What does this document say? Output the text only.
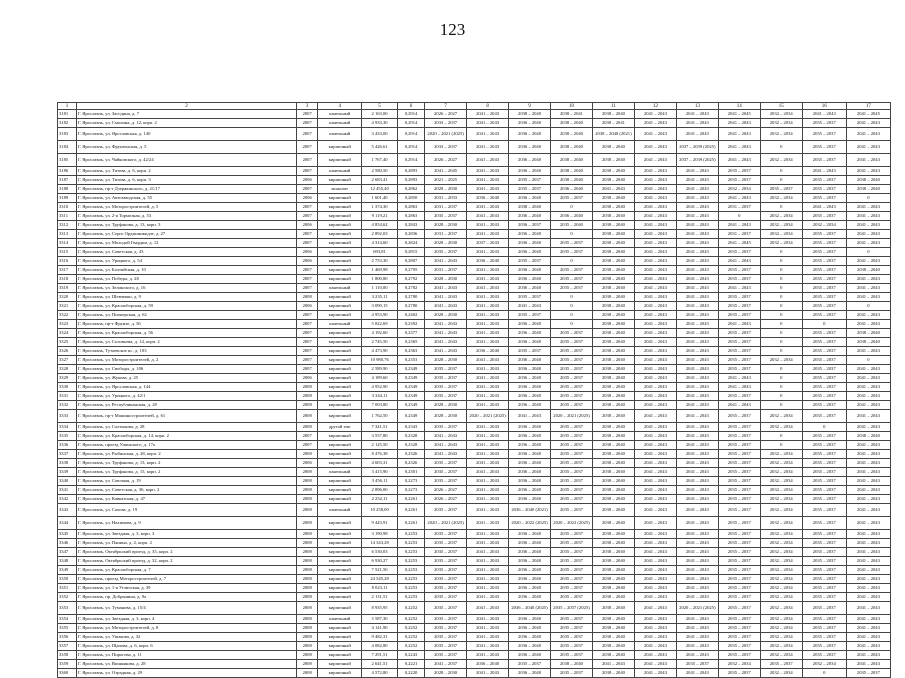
123
1	2	3	4	5	6	7	8	9	10	11	12	13	14	15	16	17
3181	Г. Ярославль, ул. Засодина, д. 7	2007	панельный	2 163,00	0,2914	2026 – 2027	2041 – 2043	2038 – 2040	2038 – 2041	2038 – 2040	2041 – 2043	2041 – 2043	2041 – 2045	2032 – 2034	2041 – 2043	2041 – 2045
3182	Г. Ярославль, ул. Смолина, д. 12, корп. 2	2007	панельный	4 933,30	0,2914	2033 – 2037	2041 – 2043	2036 – 2040	2038 – 2040	2038 – 2041	2041 – 2043	2041 – 2043	2041 – 2043	2032 – 2034	2035 – 2037	2041 – 2043
3183	Г. Ярославль, ул. Ярославская, д. 140	2007	панельный	3 433,00	0,2914	2020 – 2021 (2025)	2041 – 2043	2036 – 2040	2038 – 2040	2038 – 2040 (2021)	2041 – 2043	2041 – 2043	2041 – 2043	2032 – 2034	2035 – 2037	2041 – 2043
3184	Г. Ярославль, ул. Фрунзенская, д. 5	2007	кирпичный	5 426,61	0,2914	2033 – 2037	2041 – 2043	2036 – 2040	2038 – 2040	2038 – 2040	2041 – 2043	2037 – 2039 (2025)	2041 – 2043	0	2035 – 2037	2041 – 2043
3185	Г. Ярославль, ул. Чайковского, д. 42/24	2007	кирпичный	1 767,40	0,2914	2026 – 2027	2041 – 2043	2036 – 2040	2038 – 2040	2038 – 2040	2041 – 2043	2037 – 2039 (2025)	2041 – 2043	2032 – 2034	2035 – 2037	2041 – 2043
3186	Г. Ярославль, ул. Титова, д. 6, корп. 2	2007	панельный	2 580,50	0,2893	2041 – 2045	2041 – 2043	2036 – 2040	2038 – 2040	2038 – 2040	2041 – 2043	2041 – 2043	2035 – 2037	0	2041 – 2043	2041 – 2043
3187	Г. Ярославль, ул. Титова, д. 6, корп. 3	2006	кирпичный	2 683,41	0,2893	2021 – 2025	2041 – 2043	2035 – 2037	2038 – 2040	2038 – 2040	2041 – 2043	2041 – 2043	2035 – 2037	0	2035 – 2037	2038 – 2040
3188	Г. Ярославль, пр-т Дзержинского, д. 21/17	2007	монолит	12 455,40	0,2862	2028 – 2030	2041 – 2043	2035 – 2037	2036 – 2040	2041 – 2043	2041 – 2043	2041 – 2043	2032 – 2034	2035 – 2037	2035 – 2037	2038 – 2040
3189	Г. Ярославль, ул. Автозаводская, д. 55	2006	кирпичный	1 601,40	0,2850	2031 – 2033	2036 – 2040	2036 – 2040	2035 – 2037	2038 – 2040	2041 – 2043	2041 – 2043	2041 – 2043	2032 – 2034	2035 – 2037	0
3310	Г. Ярославль, ул. Моторостроителей, д. 5	2007	кирпичный	1 374,30	0,2863	2031 – 2037	2041 – 2043	2038 – 2040	0	2038 – 2040	2041 – 2043	2041 – 2043	2031 – 2037	0	2041 – 2043	2041 – 2043
3311	Г. Ярославль, ул. 2-я Тормозная, д. 53	2007	кирпичный	9 119,21	0,2863	2035 – 2037	2041 – 2043	2036 – 2040	2036 – 2040	2038 – 2040	2041 – 2043	2041 – 2043	0	2032 – 2034	2035 – 2037	2041 – 2043
3312	Г. Ярославль, ул. Труфанова, д. 13, корп. 3	2006	кирпичный	4 854,62	0,2843	2028 – 2030	2041 – 2043	2036 – 2037	2035 – 2040	2038 – 2040	2041 – 2043	2041 – 2043	2041 – 2043	2032 – 2034	2032 – 2034	2041 – 2043
3313	Г. Ярославль, ул. Серго Орджоникидзе, д. 27	2007	кирпичный	2 892,03	0,2836	2031 – 2037	2041 – 2043	2036 – 2040	0	2038 – 2040	2041 – 2043	2041 – 2043	2031 – 2037	2032 – 2034	2035 – 2037	2041 – 2043
3314	Г. Ярославль, ул. Молодой Гвардии, д. 12	2007	кирпичный	4 314,60	0,2824	2028 – 2030	2037 – 2043	2036 – 2040	2035 – 2037	2038 – 2040	2041 – 2043	2041 – 2043	2041 – 2045	2032 – 2034	2035 – 2037	2041 – 2043
3315	Г. Ярославль, ул. Советская, д. 43	2006	кирпичный	693,81	0,2815	2035 – 2037	2041 – 2043	2036 – 2040	2035 – 2037	2038 – 2040	2041 – 2043	2041 – 2043	2035 – 2037	0	2035 – 2037	0
3316	Г. Ярославль, ул. Урицкого, д. 54	2006	кирпичный	2 753,30	0,2807	2041 – 2043	2036 – 2040	2035 – 2037	0	2038 – 2040	2041 – 2043	2041 – 2043	2041 – 2043	0	2035 – 2037	2041 – 2043
3317	Г. Ярославль, ул. Балтийская, д. 10	2007	кирпичный	1 469,98	0,2795	2031 – 2037	2041 – 2043	2036 – 2040	2035 – 2037	2038 – 2040	2041 – 2043	2041 – 2043	2035 – 2037	0	2035 – 2037	2038 – 2040
3318	Г. Ярославль, ул. Победы, д. 28	2007	кирпичный	1 800,80	0,2792	2028 – 2030	2041 – 2043	2036 – 2040	2035 – 2037	2038 – 2040	2041 – 2043	2041 – 2043	2035 – 2037	0	2035 – 2037	2041 – 2043
3319	Г. Ярославль, ул. Зелинского, д. 16	2007	панельный	1 110,00	0,2782	2041 – 2043	2041 – 2043	2036 – 2040	2035 – 2037	2038 – 2040	2041 – 2043	2041 – 2043	2041 – 2043	0	2035 – 2037	2041 – 2043
3320	Г. Ярославль, ул. Шевченко, д. 9	2008	кирпичный	3 235,11	0,2780	2041 – 2043	2041 – 2043	2035 – 2037	0	2038 – 2040	2041 – 2043	2041 – 2043	2035 – 2037	0	2035 – 2037	2041 – 2043
3321	Г. Ярославль, ул. Красноборская, д. 59	2006	кирпичный	3 090,15	0,2780	2041 – 2043	2041 – 2043	2041 – 2043	0	2038 – 2040	2041 – 2043	2041 – 2043	2035 – 2037	0	2035 – 2037	0
3322	Г. Ярославль, ул. Пионерская, д. 62	2007	кирпичный	4 953,90	0,2402	2028 – 2030	2041 – 2043	2035 – 2037	0	2038 – 2040	2041 – 2043	2041 – 2043	2035 – 2037	0	2035 – 2037	2041 – 2043
3323	Г. Ярославль, пр-т Фрунзе, д. 56	2007	панельный	5 822,69	0,2392	2041 – 2043	2041 – 2043	2036 – 2040	0	2038 – 2040	2041 – 2043	2041 – 2043	2041 – 2043	0	0	2041 – 2043
3324	Г. Ярославль, ул. Красноборская, д. 56	2007	кирпичный	4 192,60	0,2377	2041 – 2043	2041 – 2043	2036 – 2040	2035 – 2037	2038 – 2040	2041 – 2043	2041 – 2043	2035 – 2037	0	2035 – 2037	2038 – 2040
3325	Г. Ярославль, ул. Соловьева, д. 14, корп. 2	2007	кирпичный	2 745,50	0,2365	2041 – 2043	2041 – 2043	2036 – 2040	2035 – 2037	2038 – 2040	2041 – 2043	2041 – 2043	2035 – 2037	0	2035 – 2037	2038 – 2040
3326	Г. Ярославль, Тутаевское ш., д. 103	2007	кирпичный	4 473,90	0,2363	2041 – 2043	2036 – 2040	2035 – 2037	2035 – 2037	2038 – 2040	2041 – 2043	2041 – 2043	2035 – 2037	0	2035 – 2037	2041 – 2043
3327	Г. Ярославль, ул. Моторостроителей, д. 2	2007	кирпичный	10 980,76	0,2353	2028 – 2030	2041 – 2043	2036 – 2040	2035 – 2037	2038 – 2040	2041 – 2043	2041 – 2043	2035 – 2037	2032 – 2034	2035 – 2037	0
3328	Г. Ярославль, ул. Свободы, д. 106	2007	кирпичный	2 589,90	0,2349	2035 – 2037	2041 – 2043	2036 – 2040	2035 – 2037	2038 – 2040	2041 – 2043	2041 – 2043	2035 – 2037	0	2035 – 2037	2041 – 2043
3329	Г. Ярославль, ул. Жукова, д. 25	2006	кирпичный	4 189,60	0,2349	2035 – 2037	2041 – 2043	2036 – 2040	2035 – 2037	2038 – 2040	2041 – 2043	2041 – 2043	2041 – 2043	0	2035 – 2037	2041 – 2043
3330	Г. Ярославль, ул. Ярославская, д. 144	2008	кирпичный	4 952,90	0,2349	2035 – 2037	2041 – 2043	2036 – 2040	2035 – 2037	2038 – 2040	2041 – 2043	2041 – 2043	2041 – 2043	0	2035 – 2037	2041 – 2043
3331	Г. Ярославль, ул. Урицкого, д. 42/1	2008	кирпичный	3 344,11	0,2349	2035 – 2037	2041 – 2043	2036 – 2040	2035 – 2037	2038 – 2040	2041 – 2043	2041 – 2043	2035 – 2037	0	2035 – 2037	2041 – 2043
3332	Г. Ярославль, ул. Республиканская, д. 28	2008	кирпичный	7 003,80	0,2349	2028 – 2030	2041 – 2043	2036 – 2040	2035 – 2037	2038 – 2040	2041 – 2043	2041 – 2043	2041 – 2043	0	2035 – 2037	2041 – 2043
3333	Г. Ярославль, пр-т Машиностроителей, д. 61	2008	кирпичный	1 762,50	0,2349	2028 – 2030	2020 – 2021 (2025)	2041 – 2043	2020 – 2021 (2025)	2038 – 2040	2041 – 2043	2041 – 2043	2035 – 2037	2032 – 2034	2035 – 2037	2041 – 2043
3334	Г. Ярославль, ул. Салтыкова, д. 28	2008	другой тип	7 341,51	0,2343	2035 – 2037	2041 – 2043	2036 – 2040	2035 – 2037	2038 – 2040	2041 – 2043	2041 – 2043	2035 – 2037	2032 – 2034	0	2041 – 2043
3335	Г. Ярославль, ул. Красноборская, д. 14, корп. 2	2007	кирпичный	3 557,80	0,2328	2041 – 2043	2041 – 2043	2036 – 2040	2035 – 2037	2038 – 2040	2041 – 2043	2041 – 2043	2035 – 2037	0	2035 – 2037	2038 – 2040
3336	Г. Ярославль, проезд Ушинского, д. 17а	2007	кирпичный	2 125,50	0,2328	2041 – 2043	2041 – 2043	2036 – 2040	2035 – 2037	2038 – 2040	2041 – 2043	2041 – 2043	2035 – 2037	0	2035 – 2037	2041 – 2043
3337	Г. Ярославль, ул. Рыбинская, д. 28, корп. 2	2008	кирпичный	8 476,38	0,2326	2041 – 2043	2041 – 2043	2036 – 2040	2035 – 2037	2038 – 2040	2041 – 2043	2041 – 2043	2035 – 2037	2032 – 2034	2035 – 2037	2041 – 2043
3338	Г. Ярославль, ул. Труфанова, д. 13, корп. 2	2006	кирпичный	4 603,31	0,2326	2035 – 2037	2041 – 2043	2036 – 2040	2035 – 2037	2038 – 2040	2041 – 2043	2041 – 2043	2035 – 2037	2032 – 2034	2035 – 2037	2041 – 2043
3339	Г. Ярославль, ул. Труфанова, д. 15, корп. 2	2008	панельный	3 415,90	0,2301	2035 – 2037	2041 – 2043	2036 – 2040	2035 – 2037	2038 – 2040	2041 – 2043	2041 – 2043	2035 – 2037	2032 – 2034	2035 – 2037	2041 – 2043
3340	Г. Ярославль, ул. Союзная, д. 19	2008	кирпичный	3 456,11	0,2273	2035 – 2037	2041 – 2043	2036 – 2040	2035 – 2037	2038 – 2040	2041 – 2043	2041 – 2043	2035 – 2037	2032 – 2034	2035 – 2037	2041 – 2043
3341	Г. Ярославль, ул. Советская, д. 36, корп. 2	2008	кирпичный	2 896,00	0,2273	2026 – 2027	2041 – 2043	2036 – 2040	2035 – 2037	2038 – 2040	2041 – 2043	2041 – 2043	2035 – 2037	2032 – 2034	2035 – 2037	2041 – 2043
3342	Г. Ярославль, ул. Кавказская, д. 47	2008	кирпичный	2 252,11	0,2261	2026 – 2027	2041 – 2043	2036 – 2040	2035 – 2037	2038 – 2040	2041 – 2043	2041 – 2043	2035 – 2037	2032 – 2034	2035 – 2037	2041 – 2043
3343	Г. Ярославль, ул. Сахова, д. 19	2008	панельный	10 258,00	0,2261	2035 – 2037	2041 – 2043	2036 – 2040 (2021)	2035 – 2037	2038 – 2040	2041 – 2043	2041 – 2043	2035 – 2037	2032 – 2034	2035 – 2037	2041 – 2043
3344	Г. Ярославль, ул. Нахимова, д. 9	2008	кирпичный	9 443,91	0,2261	2020 – 2021 (2025)	2041 – 2043	2020 – 2022 (2025)	2020 – 2022 (2025)	2038 – 2040	2041 – 2043	2041 – 2043	2035 – 2037	2032 – 2034	2035 – 2037	2041 – 2043
3345	Г. Ярославль, ул. Звездная, д. 3, корп. 3	2008	кирпичный	3 190,98	0,2253	2035 – 2037	2041 – 2043	2036 – 2040	2035 – 2037	2038 – 2040	2041 – 2043	2041 – 2043	2035 – 2037	2032 – 2034	2035 – 2037	2041 – 2043
3346	Г. Ярославль, ул. Панина, д. 2, корп. 2	2008	кирпичный	14 343,28	0,2253	2035 – 2037	2041 – 2043	2036 – 2040	2035 – 2037	2038 – 2040	2041 – 2043	2041 – 2043	2035 – 2037	2032 – 2034	2035 – 2037	2041 – 2043
3347	Г. Ярославль, Октябрьский проезд, д. 35, корп. 2	2008	кирпичный	6 530,03	0,2253	2035 – 2037	2041 – 2043	2036 – 2040	2035 – 2037	2038 – 2040	2041 – 2043	2041 – 2043	2035 – 2037	2032 – 2034	2035 – 2037	2041 – 2043
3348	Г. Ярославль, Октябрьский проезд, д. 32, корп. 2	2008	кирпичный	6 930,27	0,2253	2035 – 2037	2041 – 2043	2036 – 2040	2035 – 2037	2038 – 2040	2041 – 2043	2041 – 2043	2035 – 2037	2032 – 2034	2035 – 2037	2041 – 2043
3349	Г. Ярославль, ул. Красноборская, д. 7	2008	кирпичный	7 521,50	0,2253	2035 – 2037	2041 – 2043	2036 – 2040	2035 – 2037	2038 – 2040	2041 – 2043	2041 – 2043	2035 – 2037	2032 – 2034	2035 – 2037	2041 – 2043
3350	Г. Ярославль, проезд Моторостроителей, д. 7	2008	кирпичный	24 545,28	0,2253	2035 – 2037	2041 – 2043	2036 – 2040	2035 – 2037	2038 – 2040	2041 – 2043	2041 – 2043	2035 – 2037	2032 – 2034	2035 – 2037	2041 – 2043
3351	Г. Ярославль, ул. 1-я Угличская, д. 39	2008	кирпичный	8 023,11	0,2253	2035 – 2037	2041 – 2043	2036 – 2040	2035 – 2037	2038 – 2040	2041 – 2043	2041 – 2043	2035 – 2037	2032 – 2034	2035 – 2037	2041 – 2043
3352	Г. Ярославль, пр. Добрынина, д. 9а	2008	кирпичный	2 131,51	0,2253	2035 – 2037	2041 – 2043	2036 – 2040	2035 – 2037	2038 – 2040	2041 – 2043	2041 – 2043	2035 – 2037	2032 – 2034	2035 – 2037	2041 – 2043
3353	Г. Ярославль, ул. Туманова, д. 15/4	2008	кирпичный	8 935,95	0,2252	2035 – 2037	2041 – 2043	2036 – 2040 (2025)	2035 – 2037 (2025)	2038 – 2040	2041 – 2043	2020 – 2021 (2025)	2035 – 2037	2032 – 2034	2035 – 2037	2041 – 2043
3354	Г. Ярославль, ул. Звездная, д. 3, корп. 4	2008	панельный	5 587,30	0,2252	2035 – 2037	2041 – 2043	2036 – 2040	2035 – 2037	2038 – 2040	2041 – 2043	2041 – 2043	2035 – 2037	2032 – 2034	2035 – 2037	2041 – 2043
3355	Г. Ярославль, ул. Моторостроителей, д. 8	2008	кирпичный	4 141,90	0,2252	2035 – 2037	2041 – 2043	2036 – 2040	2035 – 2037	2038 – 2040	2041 – 2043	2041 – 2043	2035 – 2037	2032 – 2034	2035 – 2037	2041 – 2043
3356	Г. Ярославль, ул. Ушакова, д. 32	2008	кирпичный	9 482,31	0,2252	2035 – 2037	2041 – 2043	2036 – 2040	2035 – 2037	2038 – 2040	2041 – 2043	2041 – 2043	2035 – 2037	2032 – 2034	2035 – 2037	2041 – 2043
3357	Г. Ярославль, ул. Щапова, д. 6, корп. 6	2008	кирпичный	4 082,80	0,2252	2035 – 2037	2041 – 2043	2036 – 2040	2035 – 2037	2038 – 2040	2041 – 2043	2041 – 2043	2035 – 2037	2032 – 2034	2035 – 2037	2041 – 2043
3358	Г. Ярославль, ул. Пирогова, д. 11	2008	кирпичный	7 291,51	0,2243	2035 – 2037	2041 – 2043	2036 – 2040	2035 – 2037	2038 – 2040	2041 – 2043	2041 – 2043	2035 – 2037	2032 – 2034	2035 – 2037	2041 – 2043
3359	Г. Ярославль, ул. Вишнякова, д. 28	2008	кирпичный	2 641,51	0,2221	2041 – 2037	2036 – 2040	2035 – 2037	2038 – 2040	2041 – 2043	2041 – 2043	2035 – 2037	2032 – 2034	2035 – 2037	2032 – 2034	2041 – 2043
3360	Г. Ярославль, ул. Отрадная, д. 29	2008	кирпичный	4 572,80	0,2220	2028 – 2030	2041 – 2043	2036 – 2040	2035 – 2037	2038 – 2040	2041 – 2043	2041 – 2043	2035 – 2037	2032 – 2034	0	2035 – 2037
